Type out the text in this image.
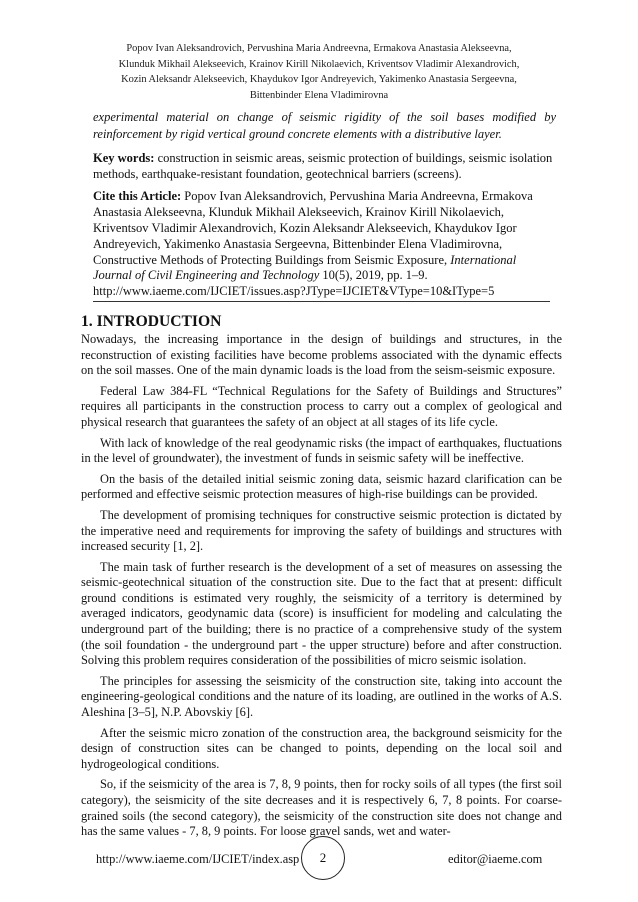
Popov Ivan Aleksandrovich, Pervushina Maria Andreevna, Ermakova Anastasia Alekseevna,
Klunduk Mikhail Alekseevich, Krainov Kirill Nikolaevich, Kriventsov Vladimir Alexandrovich,
Kozin Aleksandr Alekseevich, Khaydukov Igor Andreyevich, Yakimenko Anastasia Sergeevna,
Bittenbinder Elena Vladimirovna

experimental material on change of seismic rigidity of the soil bases modified by reinforcement by rigid vertical ground concrete elements with a distributive layer.

Key words: construction in seismic areas, seismic protection of buildings, seismic isolation methods, earthquake-resistant foundation, geotechnical barriers (screens).
Cite this Article: Popov Ivan Aleksandrovich, Pervushina Maria Andreevna, Ermakova Anastasia Alekseevna, Klunduk Mikhail Alekseevich, Krainov Kirill Nikolaevich, Kriventsov Vladimir Alexandrovich, Kozin Aleksandr Alekseevich, Khaydukov Igor Andreyevich, Yakimenko Anastasia Sergeevna, Bittenbinder Elena Vladimirovna, Constructive Methods of Protecting Buildings from Seismic Exposure, International Journal of Civil Engineering and Technology 10(5), 2019, pp. 1–9.
http://www.iaeme.com/IJCIET/issues.asp?JType=IJCIET&VType=10&IType=5
1. INTRODUCTION

Nowadays, the increasing importance in the design of buildings and structures, in the reconstruction of existing facilities have become problems associated with the dynamic effects on the soil masses. One of the main dynamic loads is the load from the seism-seismic exposure.

Federal Law 384-FL “Technical Regulations for the Safety of Buildings and Structures” requires all participants in the construction process to carry out a complex of geological and physical research that guarantees the safety of an object at all stages of its life cycle.

With lack of knowledge of the real geodynamic risks (the impact of earthquakes, fluctuations in the level of groundwater), the investment of funds in seismic safety will be ineffective.

On the basis of the detailed initial seismic zoning data, seismic hazard clarification can be performed and effective seismic protection measures of high-rise buildings can be provided.

The development of promising techniques for constructive seismic protection is dictated by the imperative need and requirements for improving the safety of buildings and structures with increased security [1, 2].

The main task of further research is the development of a set of measures on assessing the seismic-geotechnical situation of the construction site. Due to the fact that at present: difficult ground conditions is estimated very roughly, the seismicity of a territory is determined by averaged indicators, geodynamic data (score) is insufficient for modeling and calculating the underground part of the building; there is no practice of a comprehensive study of the system (the soil foundation - the underground part - the upper structure) before and after construction. Solving this problem requires consideration of the possibilities of micro seismic isolation.

The principles for assessing the seismicity of the construction site, taking into account the engineering-geological conditions and the nature of its loading, are outlined in the works of A.S. Aleshina [3–5], N.P. Abovskiy [6].

After the seismic micro zonation of the construction area, the background seismicity for the design of construction sites can be changed to points, depending on the local soil and hydrogeological conditions.

So, if the seismicity of the area is 7, 8, 9 points, then for rocky soils of all types (the first soil category), the seismicity of the site decreases and it is respectively 6, 7, 8 points. For coarse-grained soils (the second category), the seismicity of the construction site does not change and has the same values - 7, 8, 9 points. For loose gravel sands, wet and water-

http://www.iaeme.com/IJCIET/index.asp	2	editor@iaeme.com
